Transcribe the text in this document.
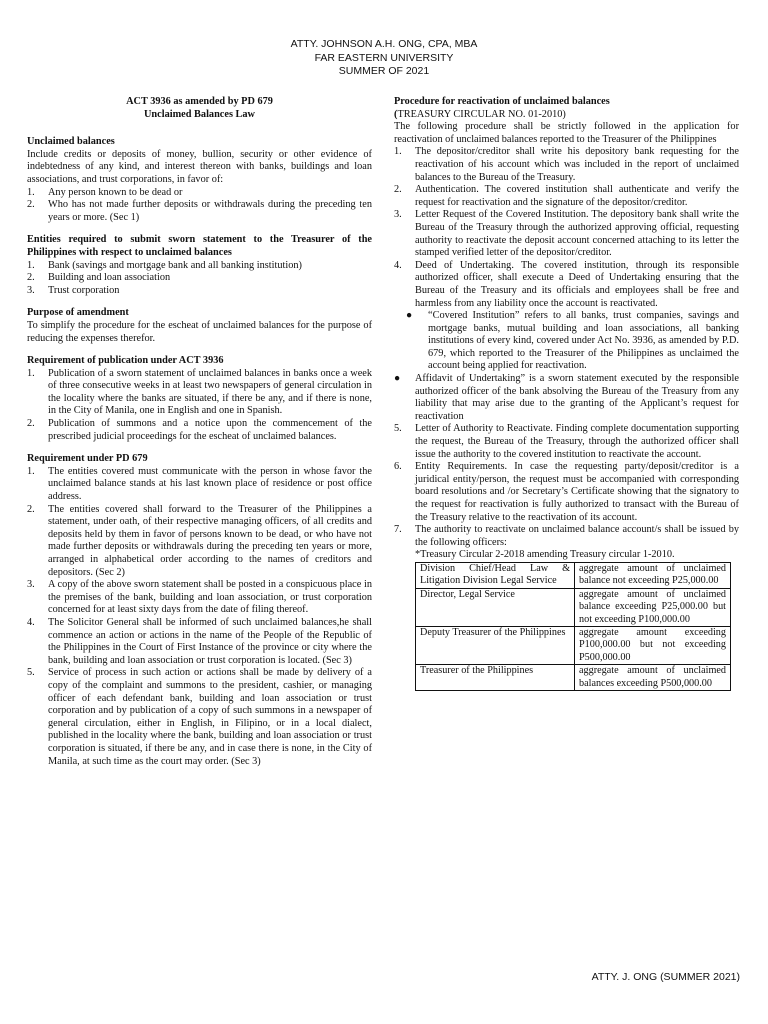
ATTY. JOHNSON A.H. ONG, CPA, MBA
FAR EASTERN UNIVERSITY
SUMMER OF 2021
ACT 3936 as amended by PD 679
Unclaimed Balances Law
Unclaimed balances

Include credits or deposits of money, bullion, security or other evidence of indebtedness of any kind, and interest thereon with banks, buildings and loan associations, and trust corporations, in favor of:

1. Any person known to be dead or
2. Who has not made further deposits or withdrawals during the preceding ten years or more. (Sec 1)
Entities required to submit sworn statement to the Treasurer of the Philippines with respect to unclaimed balances
1. Bank (savings and mortgage bank and all banking institution)
2. Building and loan association
3. Trust corporation
Purpose of amendment

To simplify the procedure for the escheat of unclaimed balances for the purpose of reducing the expenses therefor.

Requirement of publication under ACT 3936
1. Publication of a sworn statement of unclaimed balances in banks once a week of three consecutive weeks in at least two newspapers of general circulation in the locality where the banks are situated, if there be any, and if there is none, in the City of Manila, one in English and one in Spanish.
2. Publication of summons and a notice upon the commencement of the prescribed judicial proceedings for the escheat of unclaimed balances.
Requirement under PD 679
1. The entities covered must communicate with the person in whose favor the unclaimed balance stands at his last known place of residence or post office address.
2. The entities covered shall forward to the Treasurer of the Philippines a statement, under oath, of their respective managing officers, of all credits and deposits held by them in favor of persons known to be dead, or who have not made further deposits or withdrawals during the preceding ten years or more, arranged in alphabetical order according to the names of creditors and depositors. (Sec 2)
3. A copy of the above sworn statement shall be posted in a conspicuous place in the premises of the bank, building and loan association, or trust corporation concerned for at least sixty days from the date of filing thereof.
4. The Solicitor General shall be informed of such unclaimed balances,he shall commence an action or actions in the name of the People of the Republic of the Philippines in the Court of First Instance of the province or city where the bank, building and loan association or trust corporation is located. (Sec 3)
5. Service of process in such action or actions shall be made by delivery of a copy of the complaint and summons to the president, cashier, or managing officer of each defendant bank, building and loan association or trust corporation and by publication of a copy of such summons in a newspaper of general circulation, either in English, in Filipino, or in a local dialect, published in the locality where the bank, building and loan association or trust corporation is situated, if there be any, and in case there is none, in the City of Manila, at such time as the court may order. (Sec 3)
Procedure for reactivation of unclaimed balances
(TREASURY CIRCULAR NO. 01-2010)

The following procedure shall be strictly followed in the application for reactivation of unclaimed balances reported to the Treasurer of the Philippines

1. The depositor/creditor shall write his depository bank requesting for the reactivation of his account which was included in the report of unclaimed balances to the Bureau of the Treasury.
2. Authentication. The covered institution shall authenticate and verify the request for reactivation and the signature of the depositor/creditor.
3. Letter Request of the Covered Institution. The depository bank shall write the Bureau of the Treasury through the authorized approving official, requesting authority to reactivate the deposit account concerned attaching to its letter the stamped verified letter of the depositor/creditor.
4. Deed of Undertaking. The covered institution, through its responsible authorized officer, shall execute a Deed of Undertaking ensuring that the Bureau of the Treasury and its officials and employees shall be free and harmless from any liability once the account is reactivated.
● “Covered Institution” refers to all banks, trust companies, savings and mortgage banks, mutual building and loan associations, all banking institutions of every kind, covered under Act No. 3936, as amended by P.D. 679, which reported to the Treasurer of the Philippines as unclaimed the account being applied for reactivation.
● Affidavit of Undertaking” is a sworn statement executed by the responsible authorized officer of the bank absolving the Bureau of the Treasury from any liability that may arise due to the granting of the Applicant’s request for reactivation
5. Letter of Authority to Reactivate. Finding complete documentation supporting the request, the Bureau of the Treasury, through the authorized officer shall issue the authority to the covered institution to reactivate the account.
6. Entity Requirements. In case the requesting party/deposit/creditor is a juridical entity/person, the request must be accompanied with corresponding board resolutions and /or Secretary’s Certificate showing that the signatory to the request for reactivation is fully authorized to transact with the Bureau of the Treasury relative to the reactivation of its account.
7. The authority to reactivate on unclaimed balance account/s shall be issued by the following officers:

*Treasury Circular 2-2018 amending Treasury circular 1-2010.

Division Chief/Head Law & Litigation Division Legal Service	aggregate amount of unclaimed balance not exceeding P25,000.00
Director, Legal Service	aggregate amount of unclaimed balance exceeding P25,000.00 but not exceeding P100,000.00
Deputy Treasurer of the Philippines	aggregate amount exceeding P100,000.00 but not exceeding P500,000.00
Treasurer of the Philippines	aggregate amount of unclaimed balances exceeding P500,000.00
ATTY. J. ONG (SUMMER 2021)
